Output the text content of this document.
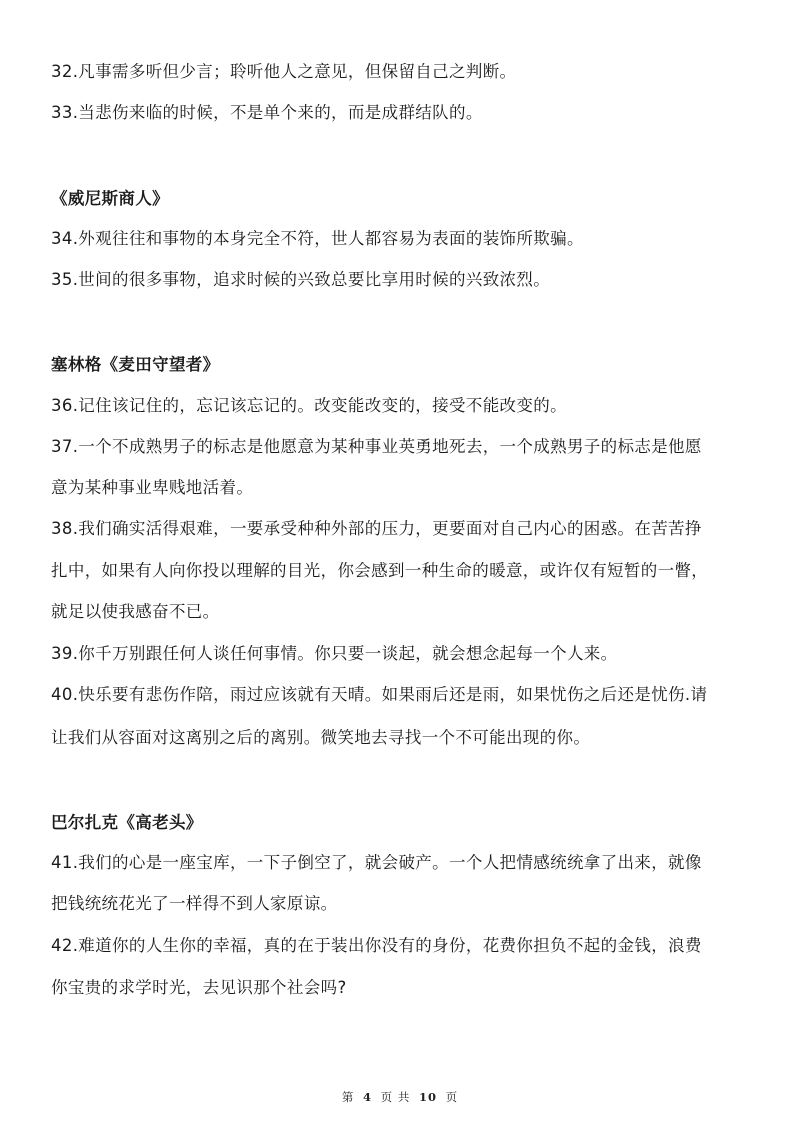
32.凡事需多听但少言；聆听他人之意见，但保留自己之判断。
33.当悲伤来临的时候，不是单个来的，而是成群结队的。
《威尼斯商人》
34.外观往往和事物的本身完全不符，世人都容易为表面的装饰所欺骗。
35.世间的很多事物，追求时候的兴致总要比享用时候的兴致浓烈。
塞林格《麦田守望者》
36.记住该记住的，忘记该忘记的。改变能改变的，接受不能改变的。
37.一个不成熟男子的标志是他愿意为某种事业英勇地死去，一个成熟男子的标志是他愿
意为某种事业卑贱地活着。
38.我们确实活得艰难，一要承受种种外部的压力，更要面对自己内心的困惑。在苦苦挣
扎中，如果有人向你投以理解的目光，你会感到一种生命的暖意，或许仅有短暂的一瞥，
就足以使我感奋不已。
39.你千万别跟任何人谈任何事情。你只要一谈起，就会想念起每一个人来。
40.快乐要有悲伤作陪，雨过应该就有天晴。如果雨后还是雨，如果忧伤之后还是忧伤.请
让我们从容面对这离别之后的离别。微笑地去寻找一个不可能出现的你。
巴尔扎克《高老头》
41.我们的心是一座宝库，一下子倒空了，就会破产。一个人把情感统统拿了出来，就像
把钱统统花光了一样得不到人家原谅。
42.难道你的人生你的幸福，真的在于装出你没有的身份，花费你担负不起的金钱，浪费
你宝贵的求学时光，去见识那个社会吗?
第 4 页 共 10 页
